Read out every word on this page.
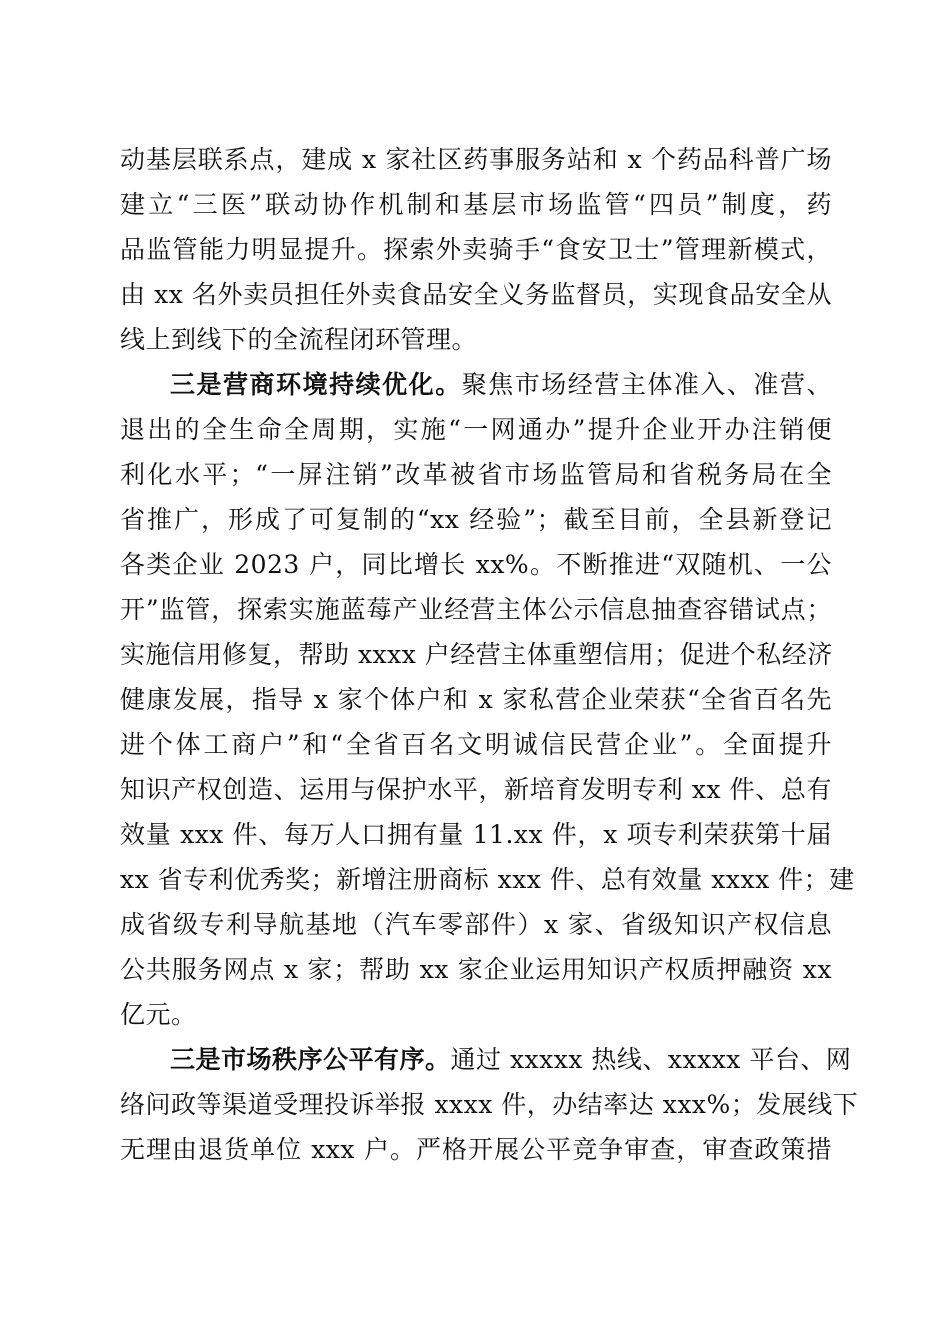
动基层联系点，建成 x 家社区药事服务站和 x 个药品科普广场
建立“三医”联动协作机制和基层市场监管“四员”制度，药
品监管能力明显提升。探索外卖骑手“食安卫士”管理新模式，
由 xx 名外卖员担任外卖食品安全义务监督员，实现食品安全从
线上到线下的全流程闭环管理。
三是营商环境持续优化。聚焦市场经营主体准入、准营、
退出的全生命全周期，实施“一网通办”提升企业开办注销便
利化水平；“一屏注销”改革被省市场监管局和省税务局在全
省推广，形成了可复制的“xx 经验”；截至目前，全县新登记
各类企业 2023 户，同比增长 xx%。不断推进“双随机、一公
开”监管，探索实施蓝莓产业经营主体公示信息抽查容错试点；
实施信用修复，帮助 xxxx 户经营主体重塑信用；促进个私经济
健康发展，指导 x 家个体户和 x 家私营企业荣获“全省百名先
进个体工商户”和“全省百名文明诚信民营企业”。全面提升
知识产权创造、运用与保护水平，新培育发明专利 xx 件、总有
效量 xxx 件、每万人口拥有量 11.xx 件，x 项专利荣获第十届
xx 省专利优秀奖；新增注册商标 xxx 件、总有效量 xxxx 件；建
成省级专利导航基地（汽车零部件）x 家、省级知识产权信息
公共服务网点 x 家；帮助 xx 家企业运用知识产权质押融资 xx
亿元。
三是市场秩序公平有序。通过 xxxxx 热线、xxxxx 平台、网
络问政等渠道受理投诉举报 xxxx 件，办结率达 xxx%；发展线下
无理由退货单位 xxx 户。严格开展公平竞争审查，审查政策措
